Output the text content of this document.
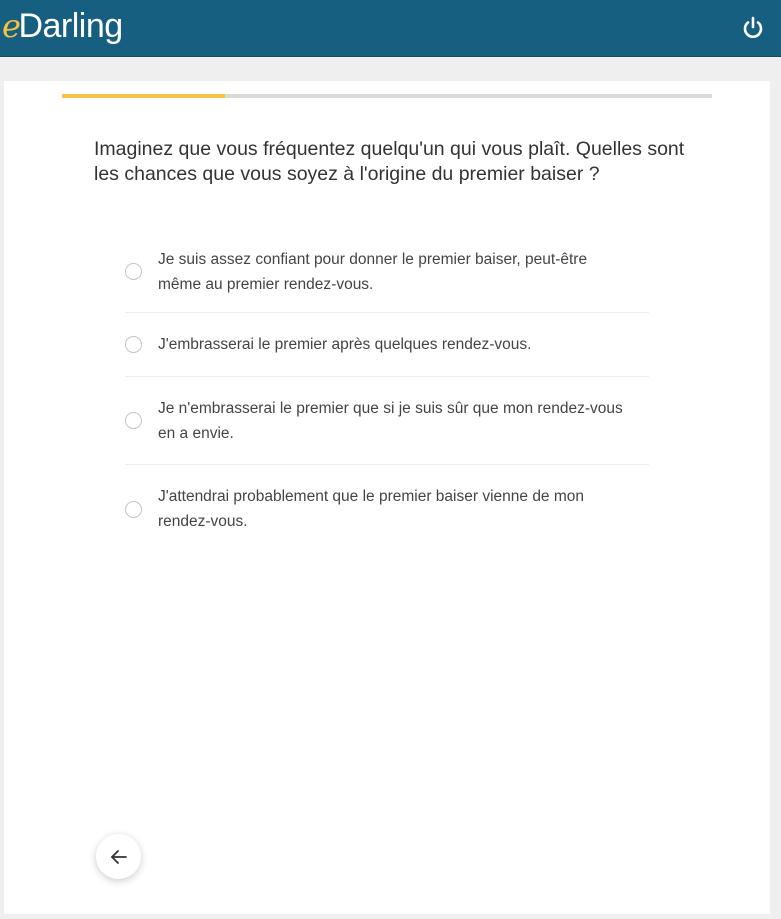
eDarling
Imaginez que vous fréquentez quelqu'un qui vous plaît. Quelles sont les chances que vous soyez à l'origine du premier baiser ?
Je suis assez confiant pour donner le premier baiser, peut-être même au premier rendez-vous.
J'embrasserai le premier après quelques rendez-vous.
Je n'embrasserai le premier que si je suis sûr que mon rendez-vous en a envie.
J'attendrai probablement que le premier baiser vienne de mon rendez-vous.
